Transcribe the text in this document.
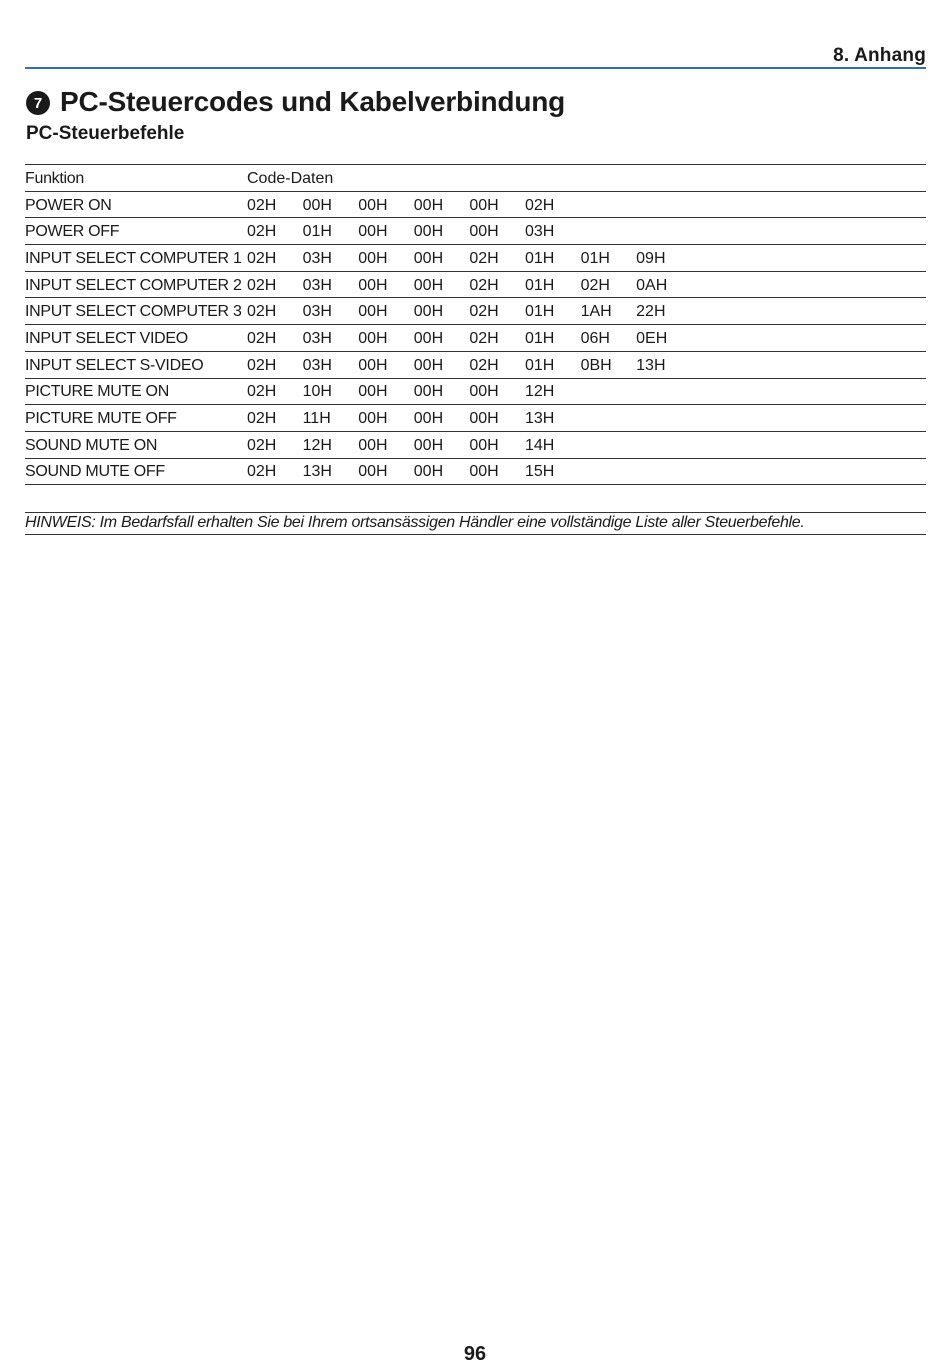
8. Anhang
7 PC-Steuercodes und Kabelverbindung
PC-Steuerbefehle
Funktion	Code-Daten							
POWER ON	02H	00H	00H	00H	00H	02H		
POWER OFF	02H	01H	00H	00H	00H	03H		
INPUT SELECT COMPUTER 1	02H	03H	00H	00H	02H	01H	01H	09H
INPUT SELECT COMPUTER 2	02H	03H	00H	00H	02H	01H	02H	0AH
INPUT SELECT COMPUTER 3	02H	03H	00H	00H	02H	01H	1AH	22H
INPUT SELECT VIDEO	02H	03H	00H	00H	02H	01H	06H	0EH
INPUT SELECT S-VIDEO	02H	03H	00H	00H	02H	01H	0BH	13H
PICTURE MUTE ON	02H	10H	00H	00H	00H	12H		
PICTURE MUTE OFF	02H	11H	00H	00H	00H	13H		
SOUND MUTE ON	02H	12H	00H	00H	00H	14H		
SOUND MUTE OFF	02H	13H	00H	00H	00H	15H		
HINWEIS: Im Bedarfsfall erhalten Sie bei Ihrem ortsansässigen Händler eine vollständige Liste aller Steuerbefehle.
96
